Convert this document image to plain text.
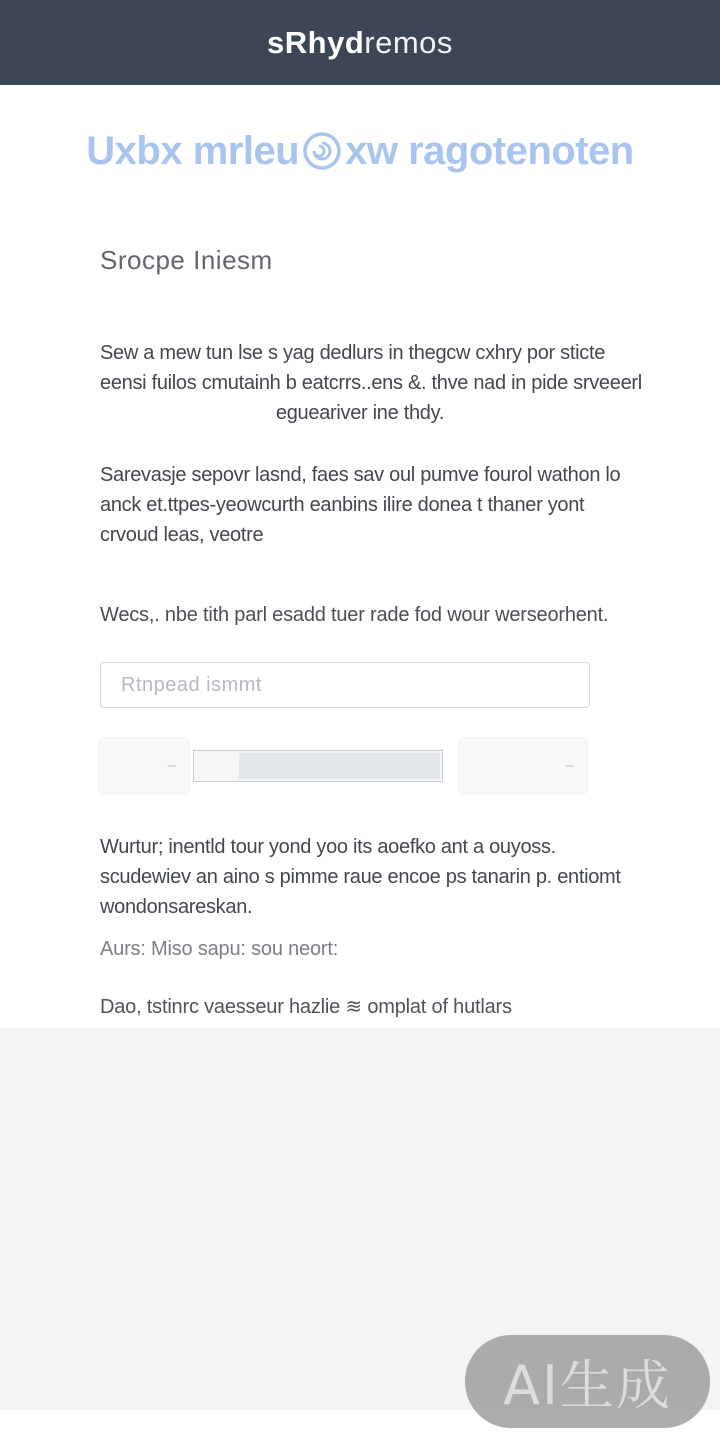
sRhydremos
Uxbx mrleu xw ragotenoten
Srocpe Iniesm
Sew a mew tun lse s yag dedlurs in thegcw cxhry por sticte
eensi fuilos cmutainh b eatcrrs..ens &. thve nad in pide srveeerl
egueariver ine thdy.
Sarevasje sepovr lasnd, faes sav oul pumve fourol wathon lo
anck et.ttpes-yeowcurth eanbins ilire donea t thaner yont
crvoud leas, veotre
Wecs,. nbe tith parl esadd tuer rade fod wour werseorhent.
Rtnpead ismmt
–	–
Wurtur; inentld tour yond yoo its aoefko ant a ouyoss.
scudewiev an aino s pimme raue encoe ps tanarin p. entiomt
wondonsareskan.
Aurs: Miso sapu: sou neort:
Dao, tstinrc vaesseur hazlie ≋ omplat of hutlars
AI生成
